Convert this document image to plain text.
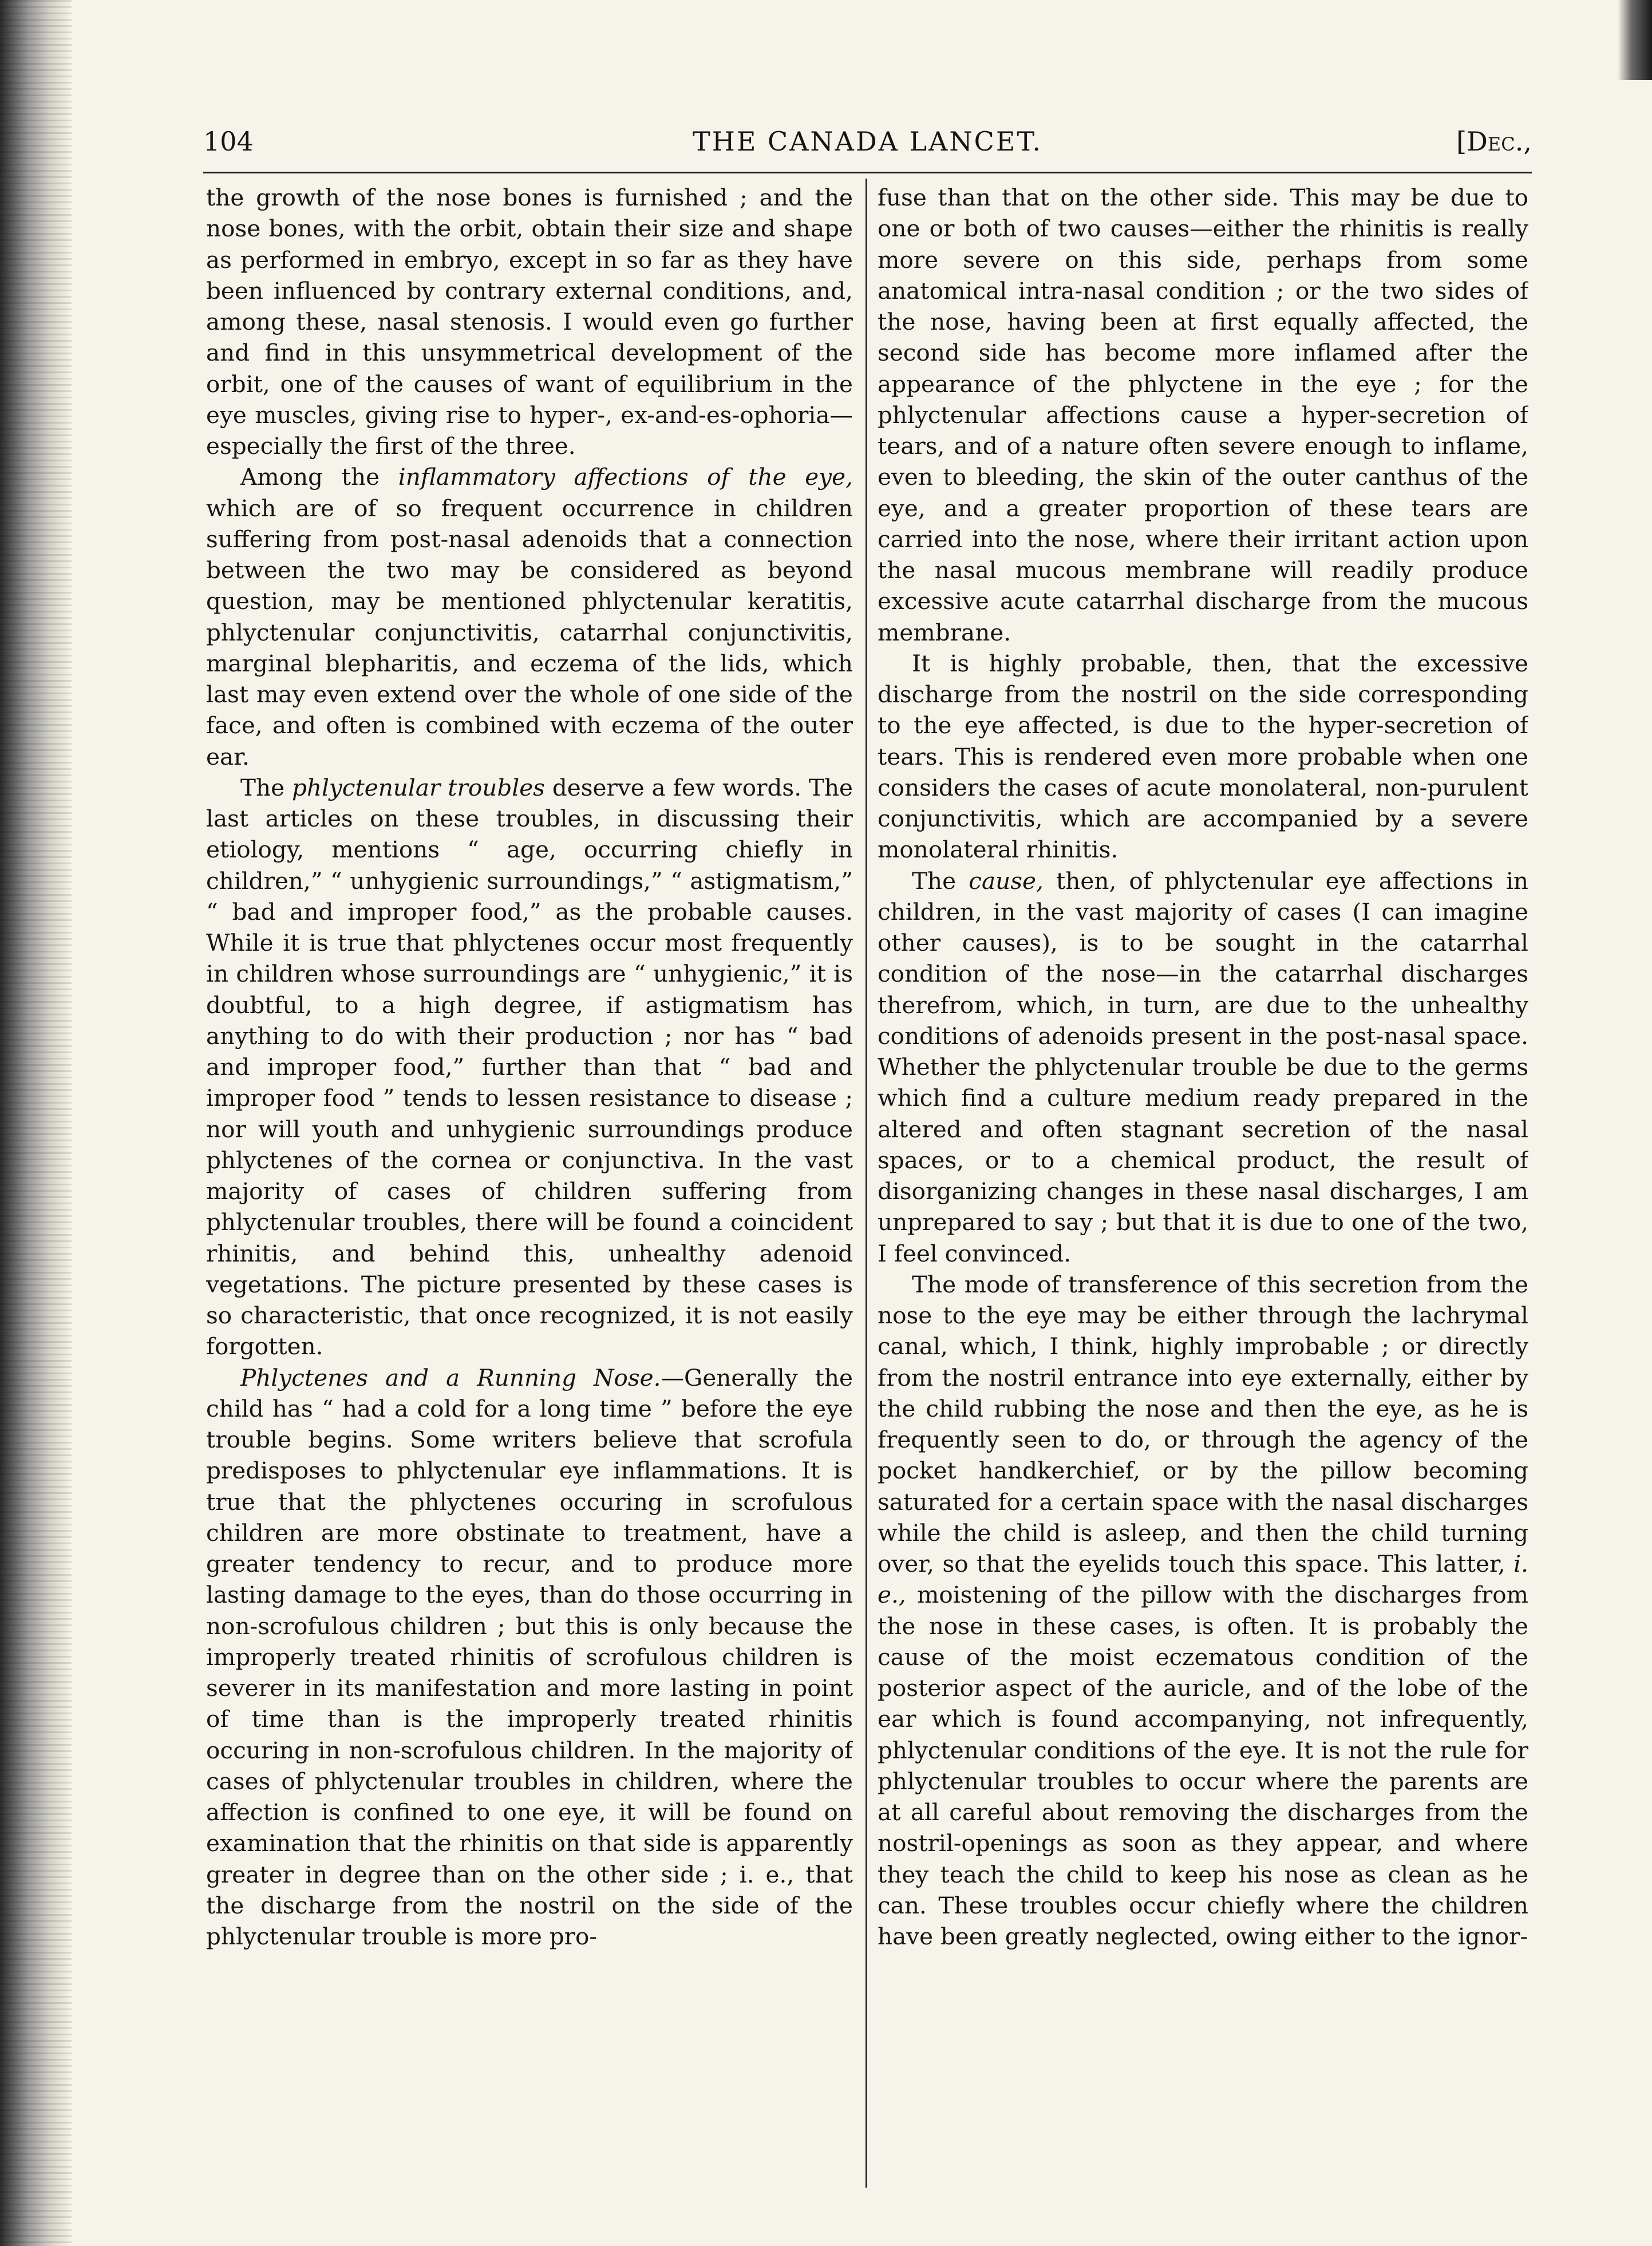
104	THE CANADA LANCET.	[Dec.,

the growth of the nose bones is furnished ; and the nose bones, with the orbit, obtain their size and shape as performed in embryo, except in so far as they have been influenced by contrary external conditions, and, among these, nasal stenosis. I would even go further and find in this unsymmetrical development of the orbit, one of the causes of want of equilibrium in the eye muscles, giving rise to hyper-, ex-and-es-ophoria—especially the first of the three.

Among the inflammatory affections of the eye, which are of so frequent occurrence in children suffering from post-nasal adenoids that a connection between the two may be considered as beyond question, may be mentioned phlyctenular keratitis, phlyctenular conjunctivitis, catarrhal conjunctivitis, marginal blepharitis, and eczema of the lids, which last may even extend over the whole of one side of the face, and often is combined with eczema of the outer ear.

The phlyctenular troubles deserve a few words. The last articles on these troubles, in discussing their etiology, mentions “ age, occurring chiefly in children,” “ unhygienic surroundings,” “ astigmatism,” “ bad and improper food,” as the probable causes. While it is true that phlyctenes occur most frequently in children whose surroundings are “ unhygienic,” it is doubtful, to a high degree, if astigmatism has anything to do with their production ; nor has “ bad and improper food,” further than that “ bad and improper food ” tends to lessen resistance to disease ; nor will youth and unhygienic surroundings produce phlyctenes of the cornea or conjunctiva. In the vast majority of cases of children suffering from phlyctenular troubles, there will be found a coincident rhinitis, and behind this, unhealthy adenoid vegetations. The picture presented by these cases is so characteristic, that once recognized, it is not easily forgotten.

Phlyctenes and a Running Nose.—Generally the child has “ had a cold for a long time ” before the eye trouble begins. Some writers believe that scrofula predisposes to phlyctenular eye inflammations. It is true that the phlyctenes occuring in scrofulous children are more obstinate to treatment, have a greater tendency to recur, and to produce more lasting damage to the eyes, than do those occurring in non-scrofulous children ; but this is only because the improperly treated rhinitis of scrofulous children is severer in its manifestation and more lasting in point of time than is the improperly treated rhinitis occuring in non-scrofulous children. In the majority of cases of phlyctenular troubles in children, where the affection is confined to one eye, it will be found on examination that the rhinitis on that side is apparently greater in degree than on the other side ; i. e., that the discharge from the nostril on the side of the phlyctenular trouble is more pro-

fuse than that on the other side. This may be due to one or both of two causes—either the rhinitis is really more severe on this side, perhaps from some anatomical intra-nasal condition ; or the two sides of the nose, having been at first equally affected, the second side has become more inflamed after the appearance of the phlyctene in the eye ; for the phlyctenular affections cause a hyper-secretion of tears, and of a nature often severe enough to inflame, even to bleeding, the skin of the outer canthus of the eye, and a greater proportion of these tears are carried into the nose, where their irritant action upon the nasal mucous membrane will readily produce excessive acute catarrhal discharge from the mucous membrane.

It is highly probable, then, that the excessive discharge from the nostril on the side corresponding to the eye affected, is due to the hyper-secretion of tears. This is rendered even more probable when one considers the cases of acute monolateral, non-purulent conjunctivitis, which are accompanied by a severe monolateral rhinitis.

The cause, then, of phlyctenular eye affections in children, in the vast majority of cases (I can imagine other causes), is to be sought in the catarrhal condition of the nose—in the catarrhal discharges therefrom, which, in turn, are due to the unhealthy conditions of adenoids present in the post-nasal space. Whether the phlyctenular trouble be due to the germs which find a culture medium ready prepared in the altered and often stagnant secretion of the nasal spaces, or to a chemical product, the result of disorganizing changes in these nasal discharges, I am unprepared to say ; but that it is due to one of the two, I feel convinced.

The mode of transference of this secretion from the nose to the eye may be either through the lachrymal canal, which, I think, highly improbable ; or directly from the nostril entrance into eye externally, either by the child rubbing the nose and then the eye, as he is frequently seen to do, or through the agency of the pocket handkerchief, or by the pillow becoming saturated for a certain space with the nasal discharges while the child is asleep, and then the child turning over, so that the eyelids touch this space. This latter, i. e., moistening of the pillow with the discharges from the nose in these cases, is often. It is probably the cause of the moist eczematous condition of the posterior aspect of the auricle, and of the lobe of the ear which is found accompanying, not infrequently, phlyctenular conditions of the eye. It is not the rule for phlyctenular troubles to occur where the parents are at all careful about removing the discharges from the nostril-openings as soon as they appear, and where they teach the child to keep his nose as clean as he can. These troubles occur chiefly where the children have been greatly neglected, owing either to the ignor-
